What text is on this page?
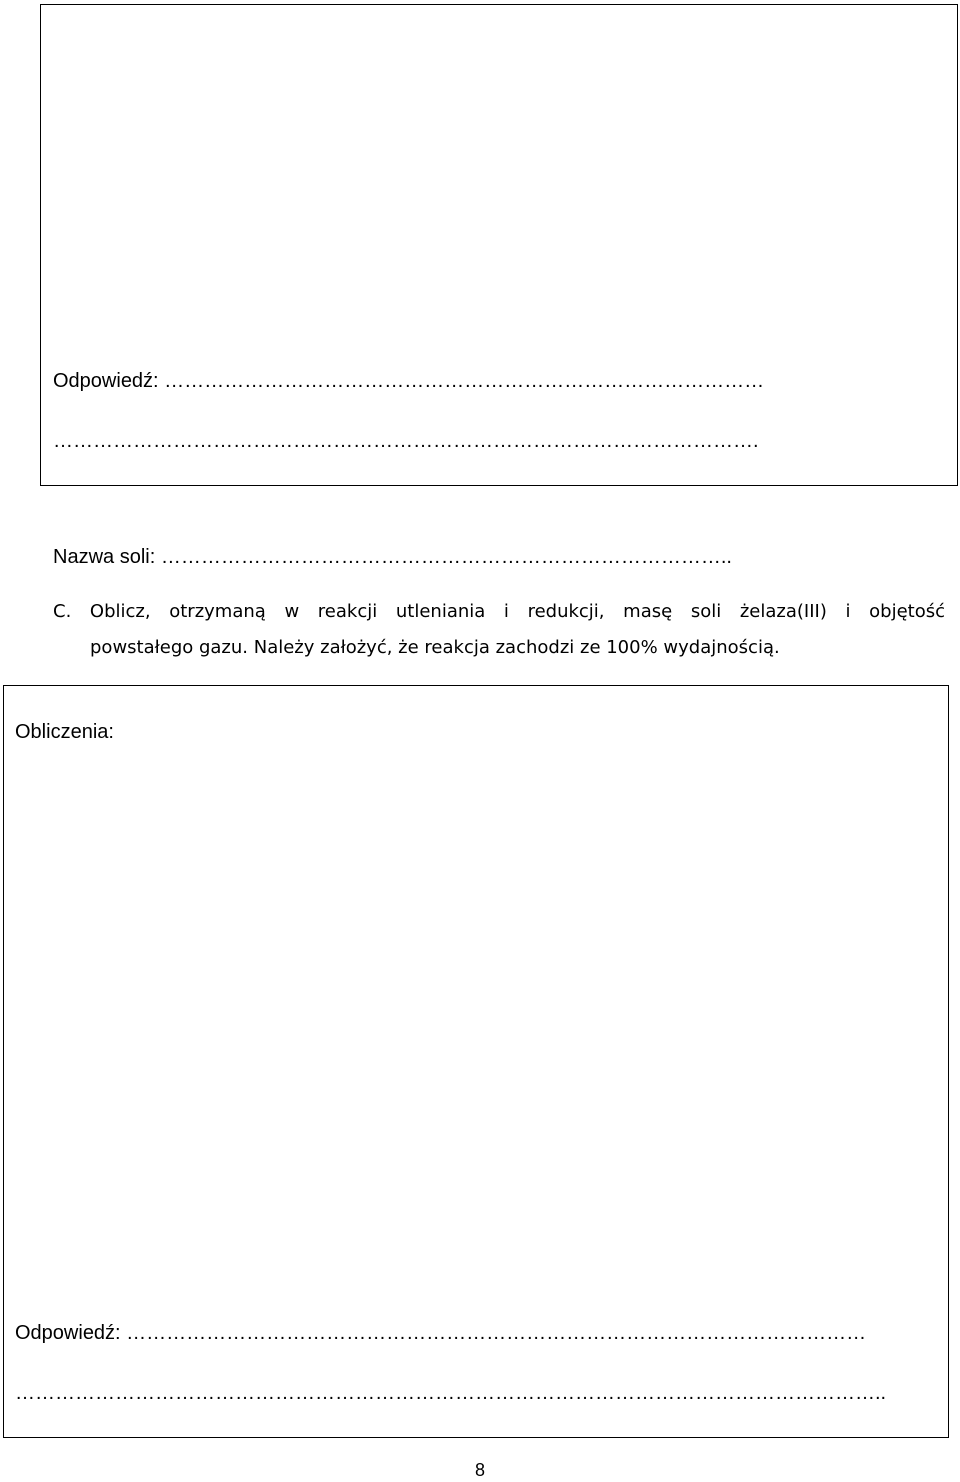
Odpowiedź: ………………………………………………………………………………
…………………………………………………………………………………………….
Nazwa soli: …………………………………………………………………………..
C. Oblicz, otrzymaną w reakcji utleniania i redukcji, masę soli żelaza(III) i objętość
powstałego gazu. Należy założyć, że reakcja zachodzi ze 100% wydajnością.
Obliczenia:
Odpowiedź: …………………………………………………………………………………………………
…………………………………………………………………………………………………………………..
8
